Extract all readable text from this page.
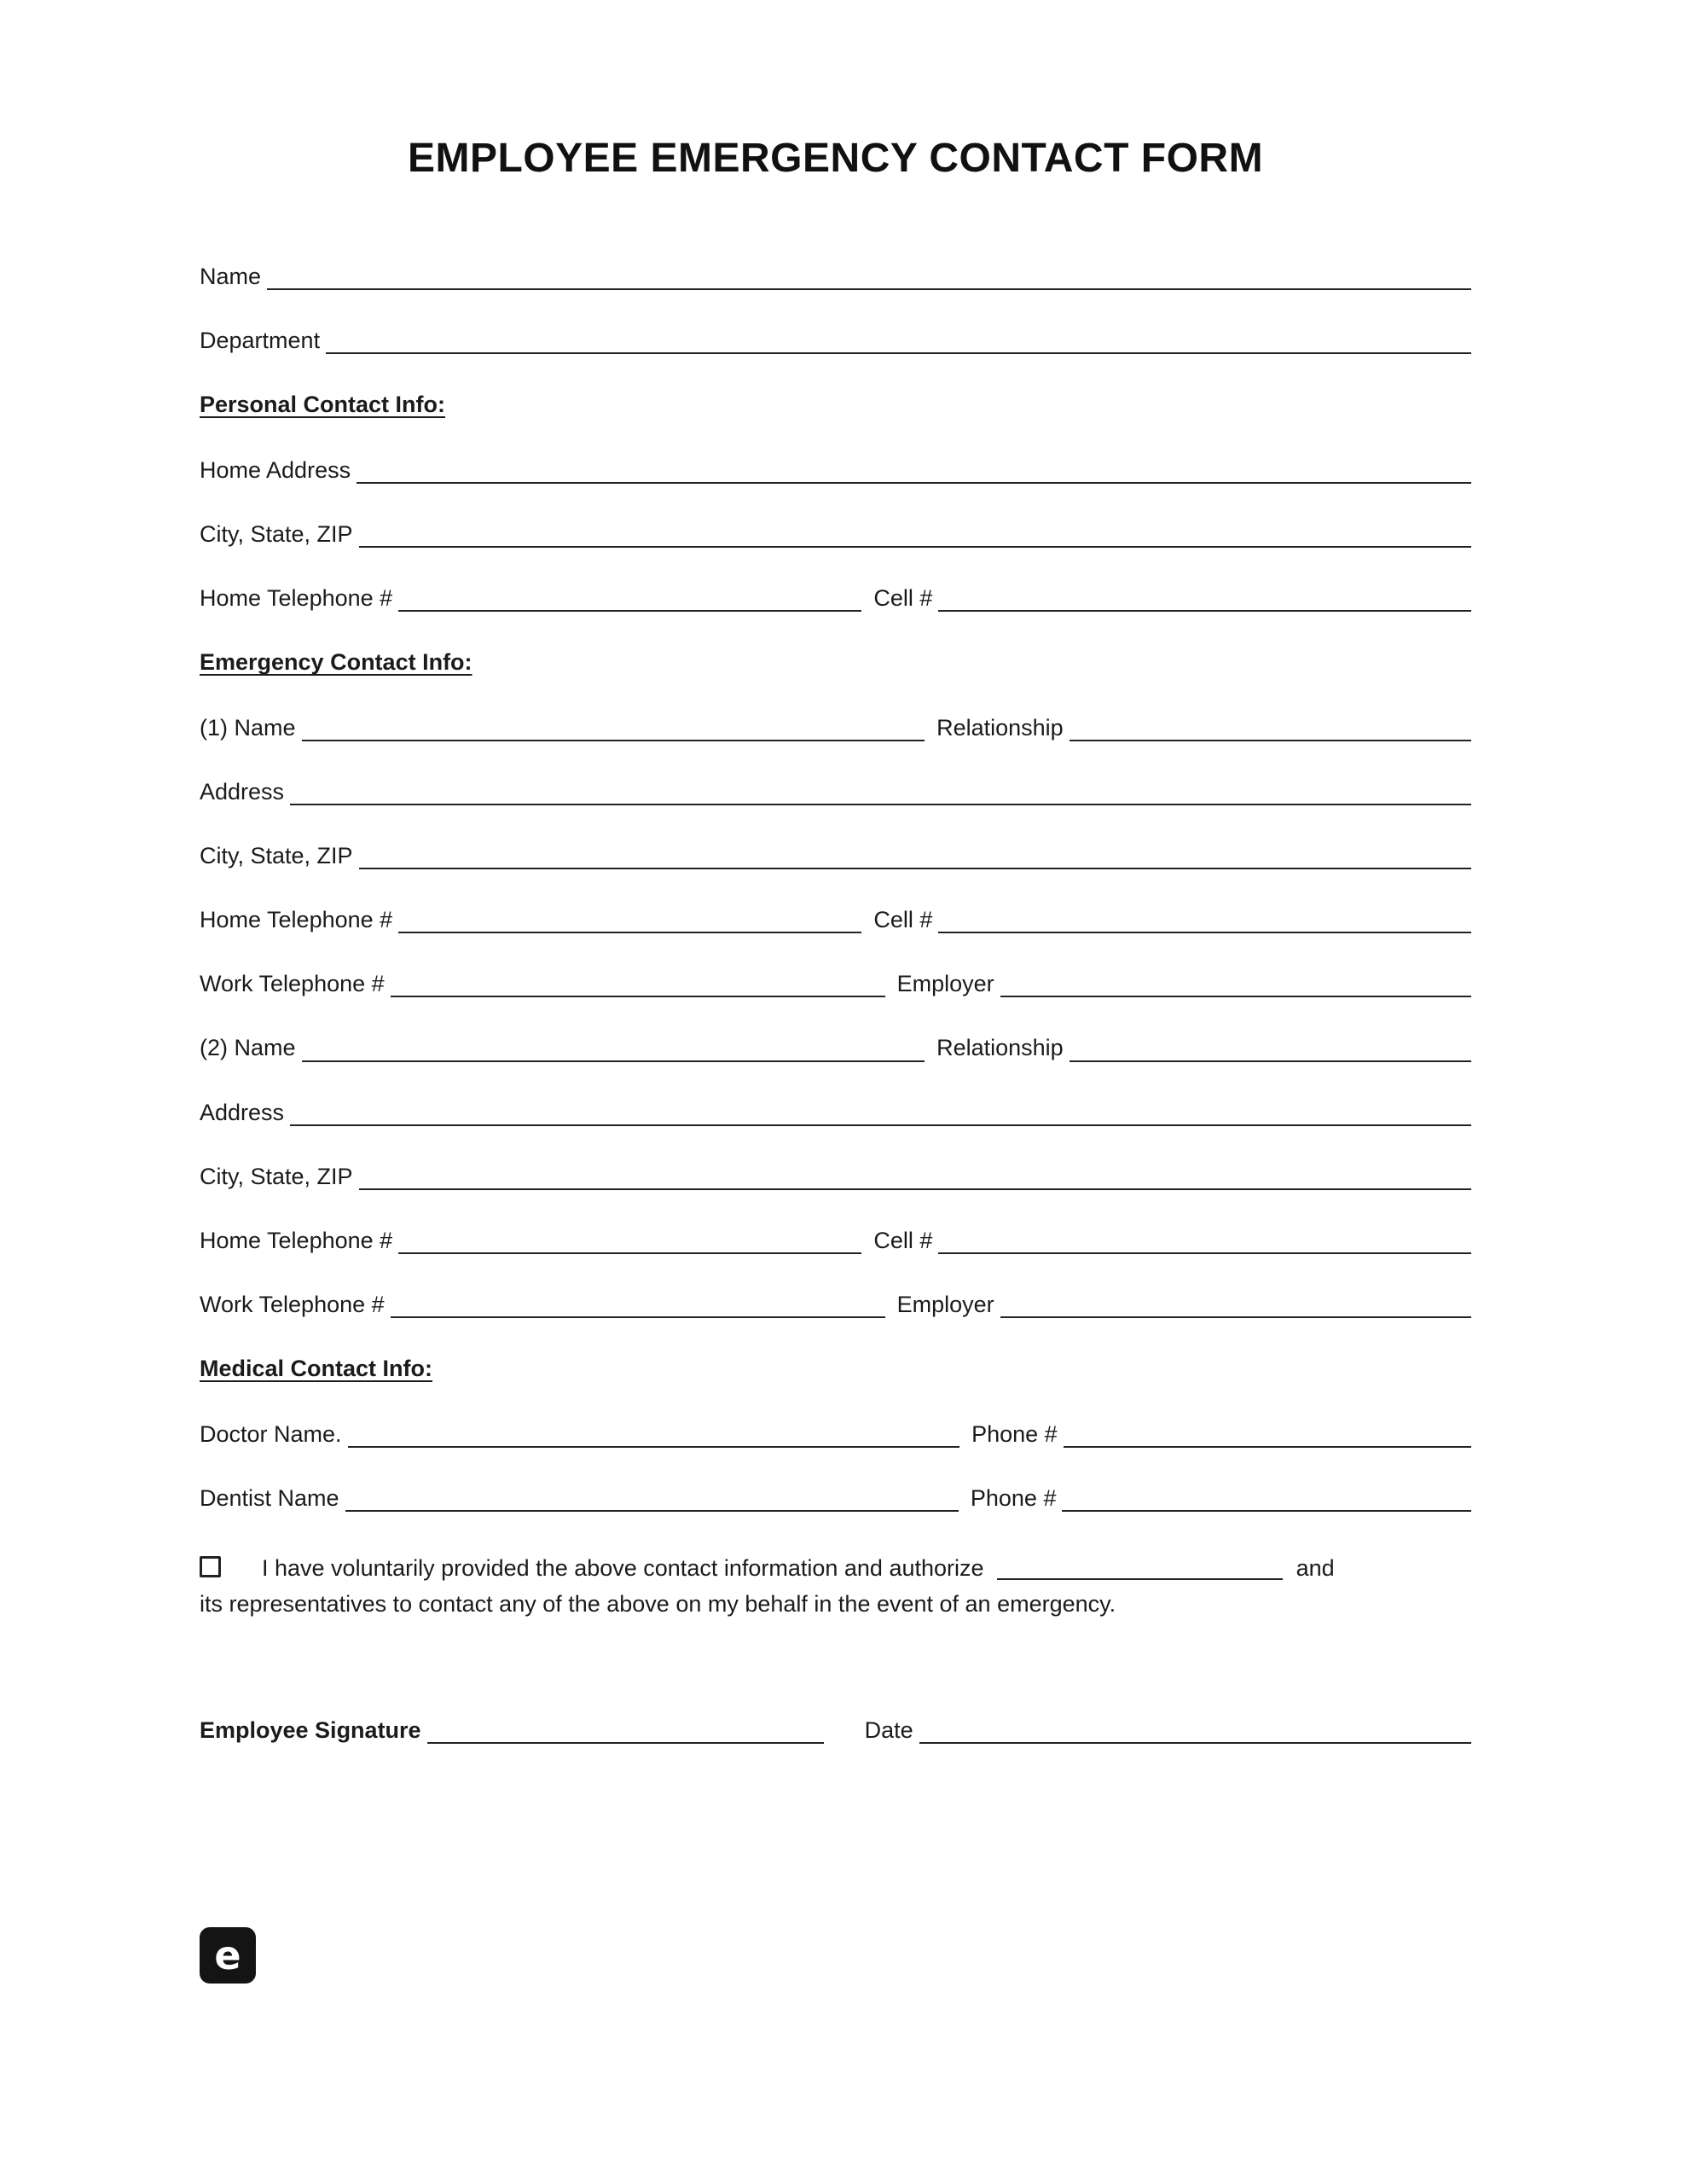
EMPLOYEE EMERGENCY CONTACT FORM
Name
Department
Personal Contact Info:
Home Address
City, State, ZIP
Home Telephone #	Cell #
Emergency Contact Info:
(1) Name	Relationship
Address
City, State, ZIP
Home Telephone #	Cell #
Work Telephone #	Employer
(2) Name	Relationship
Address
City, State, ZIP
Home Telephone #	Cell #
Work Telephone #	Employer
Medical Contact Info:
Doctor Name.	Phone #
Dentist Name	Phone #
I have voluntarily provided the above contact information and authorize	and
its representatives to contact any of the above on my behalf in the event of an emergency.
Employee Signature	Date
e
